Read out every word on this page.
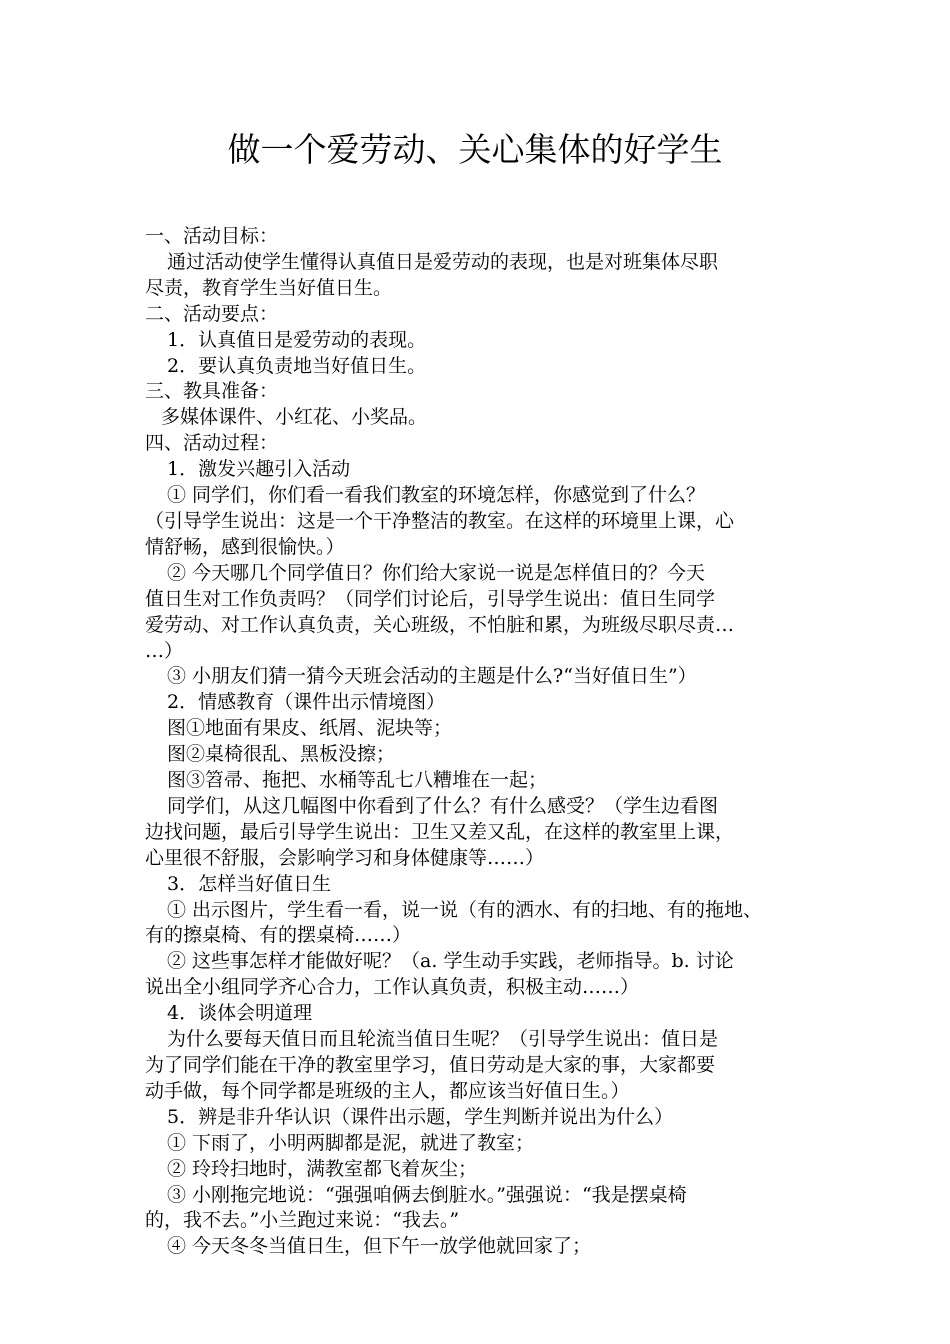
做一个爱劳动、关心集体的好学生

一、活动目标：

通过活动使学生懂得认真值日是爱劳动的表现，也是对班集体尽职

尽责，教育学生当好值日生。

二、活动要点：

1．认真值日是爱劳动的表现。

2．要认真负责地当好值日生。

三、教具准备：

多媒体课件、小红花、小奖品。

四、活动过程：

1．激发兴趣引入活动

① 同学们，你们看一看我们教室的环境怎样，你感觉到了什么？

（引导学生说出：这是一个干净整洁的教室。在这样的环境里上课，心

情舒畅，感到很愉快。）

② 今天哪几个同学值日？你们给大家说一说是怎样值日的？今天

值日生对工作负责吗？（同学们讨论后，引导学生说出：值日生同学

爱劳动、对工作认真负责，关心班级，不怕脏和累，为班级尽职尽责…

…）

③ 小朋友们猜一猜今天班会活动的主题是什么?“当好值日生”）

2．情感教育（课件出示情境图）

图①地面有果皮、纸屑、泥块等；

图②桌椅很乱、黑板没擦；

图③笤帚、拖把、水桶等乱七八糟堆在一起；

同学们，从这几幅图中你看到了什么？有什么感受？（学生边看图

边找问题，最后引导学生说出：卫生又差又乱，在这样的教室里上课，

心里很不舒服，会影响学习和身体健康等……）

3．怎样当好值日生

① 出示图片，学生看一看，说一说（有的洒水、有的扫地、有的拖地、

有的擦桌椅、有的摆桌椅……）

② 这些事怎样才能做好呢？（a. 学生动手实践，老师指导。b. 讨论

说出全小组同学齐心合力，工作认真负责，积极主动……）

4．谈体会明道理

为什么要每天值日而且轮流当值日生呢？（引导学生说出：值日是

为了同学们能在干净的教室里学习，值日劳动是大家的事，大家都要

动手做，每个同学都是班级的主人，都应该当好值日生。）

5．辨是非升华认识（课件出示题，学生判断并说出为什么）

① 下雨了，小明两脚都是泥，就进了教室；

② 玲玲扫地时，满教室都飞着灰尘；

③ 小刚拖完地说：“强强咱俩去倒脏水。”强强说：“我是摆桌椅

的，我不去。”小兰跑过来说：“我去。”

④ 今天冬冬当值日生，但下午一放学他就回家了；
